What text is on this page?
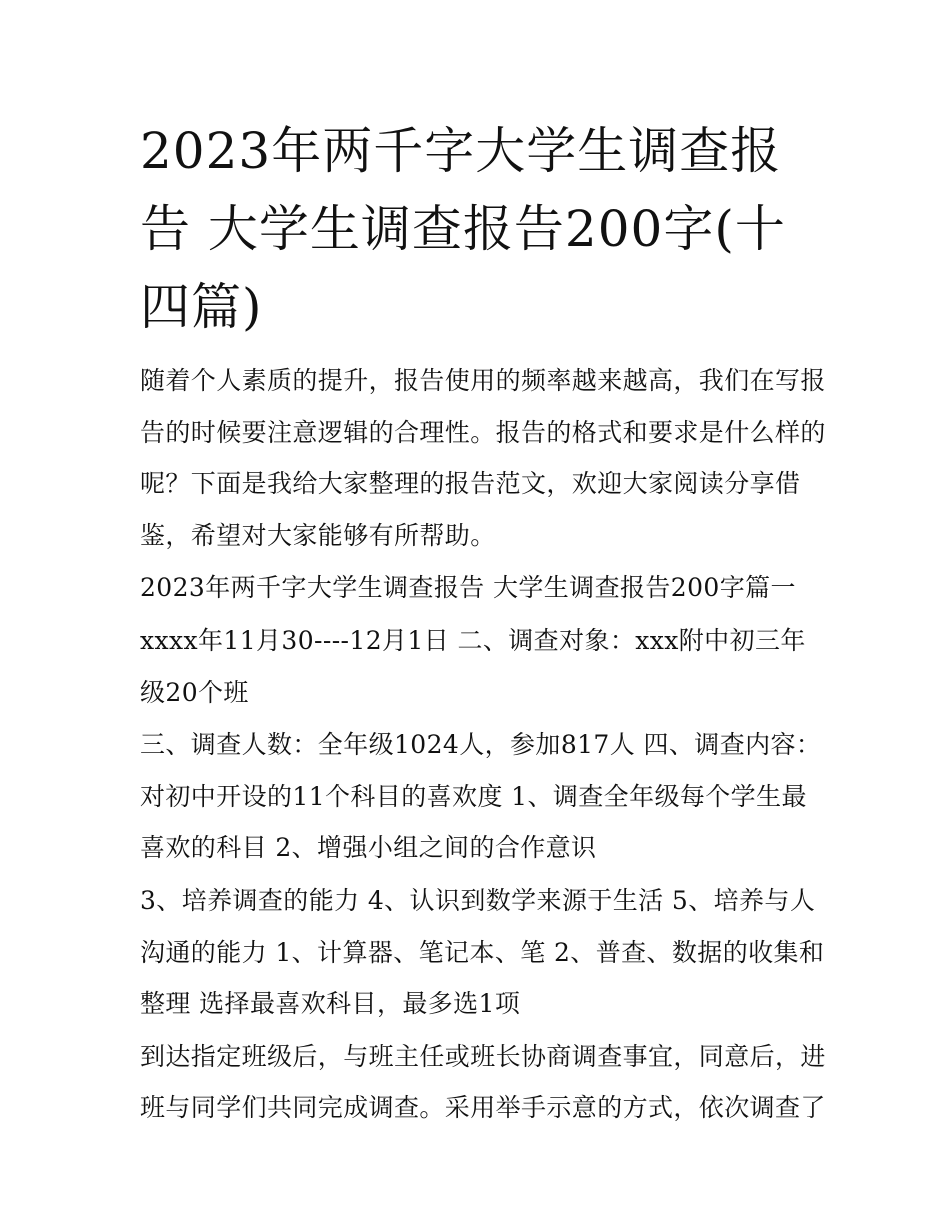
2023年两千字大学生调查报告 大学生调查报告200字(十四篇)

随着个人素质的提升，报告使用的频率越来越高，我们在写报告的时候要注意逻辑的合理性。报告的格式和要求是什么样的呢？下面是我给大家整理的报告范文，欢迎大家阅读分享借鉴，希望对大家能够有所帮助。

2023年两千字大学生调查报告 大学生调查报告200字篇一

xxxx年11月30----12月1日 二、调查对象：xxx附中初三年级20个班

三、调查人数：全年级1024人，参加817人 四、调查内容：对初中开设的11个科目的喜欢度 1、调查全年级每个学生最喜欢的科目 2、增强小组之间的合作意识

3、培养调查的能力 4、认识到数学来源于生活 5、培养与人沟通的能力 1、计算器、笔记本、笔 2、普查、数据的收集和整理 选择最喜欢科目，最多选1项

到达指定班级后，与班主任或班长协商调查事宜，同意后，进班与同学们共同完成调查。采用举手示意的方式，依次调查了
